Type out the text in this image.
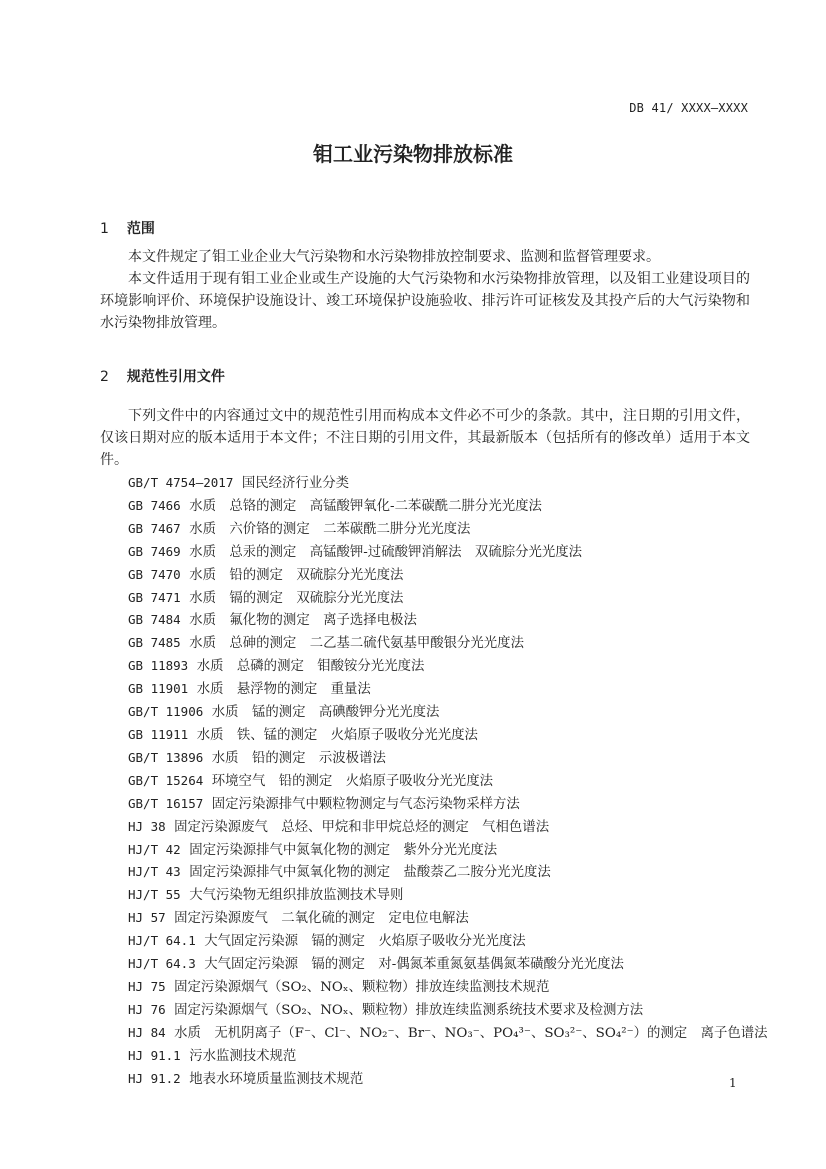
DB 41/ XXXX—XXXX
钼工业污染物排放标准
1 范围

本文件规定了钼工业企业大气污染物和水污染物排放控制要求、监测和监督管理要求。

本文件适用于现有钼工业企业或生产设施的大气污染物和水污染物排放管理，以及钼工业建设项目的环境影响评价、环境保护设施设计、竣工环境保护设施验收、排污许可证核发及其投产后的大气污染物和水污染物排放管理。

2 规范性引用文件

下列文件中的内容通过文中的规范性引用而构成本文件必不可少的条款。其中，注日期的引用文件，仅该日期对应的版本适用于本文件；不注日期的引用文件，其最新版本（包括所有的修改单）适用于本文件。

GB/T 4754—2017 国民经济行业分类
GB 7466 水质　总铬的测定　高锰酸钾氧化-二苯碳酰二肼分光光度法
GB 7467 水质　六价铬的测定　二苯碳酰二肼分光光度法
GB 7469 水质　总汞的测定　高锰酸钾-过硫酸钾消解法　双硫腙分光光度法
GB 7470 水质　铅的测定　双硫腙分光光度法
GB 7471 水质　镉的测定　双硫腙分光光度法
GB 7484 水质　氟化物的测定　离子选择电极法
GB 7485 水质　总砷的测定　二乙基二硫代氨基甲酸银分光光度法
GB 11893 水质　总磷的测定　钼酸铵分光光度法
GB 11901 水质　悬浮物的测定　重量法
GB/T 11906 水质　锰的测定　高碘酸钾分光光度法
GB 11911 水质　铁、锰的测定　火焰原子吸收分光光度法
GB/T 13896 水质　铅的测定　示波极谱法
GB/T 15264 环境空气　铅的测定　火焰原子吸收分光光度法
GB/T 16157 固定污染源排气中颗粒物测定与气态污染物采样方法
HJ 38 固定污染源废气　总烃、甲烷和非甲烷总烃的测定　气相色谱法
HJ/T 42 固定污染源排气中氮氧化物的测定　紫外分光光度法
HJ/T 43 固定污染源排气中氮氧化物的测定　盐酸萘乙二胺分光光度法
HJ/T 55 大气污染物无组织排放监测技术导则
HJ 57 固定污染源废气　二氧化硫的测定　定电位电解法
HJ/T 64.1 大气固定污染源　镉的测定　火焰原子吸收分光光度法
HJ/T 64.3 大气固定污染源　镉的测定　对-偶氮苯重氮氨基偶氮苯磺酸分光光度法
HJ 75 固定污染源烟气（SO₂、NOₓ、颗粒物）排放连续监测技术规范
HJ 76 固定污染源烟气（SO₂、NOₓ、颗粒物）排放连续监测系统技术要求及检测方法
HJ 84 水质　无机阴离子（F⁻、Cl⁻、NO₂⁻、Br⁻、NO₃⁻、PO₄³⁻、SO₃²⁻、SO₄²⁻）的测定　离子色谱法
HJ 91.1 污水监测技术规范
HJ 91.2 地表水环境质量监测技术规范	1
